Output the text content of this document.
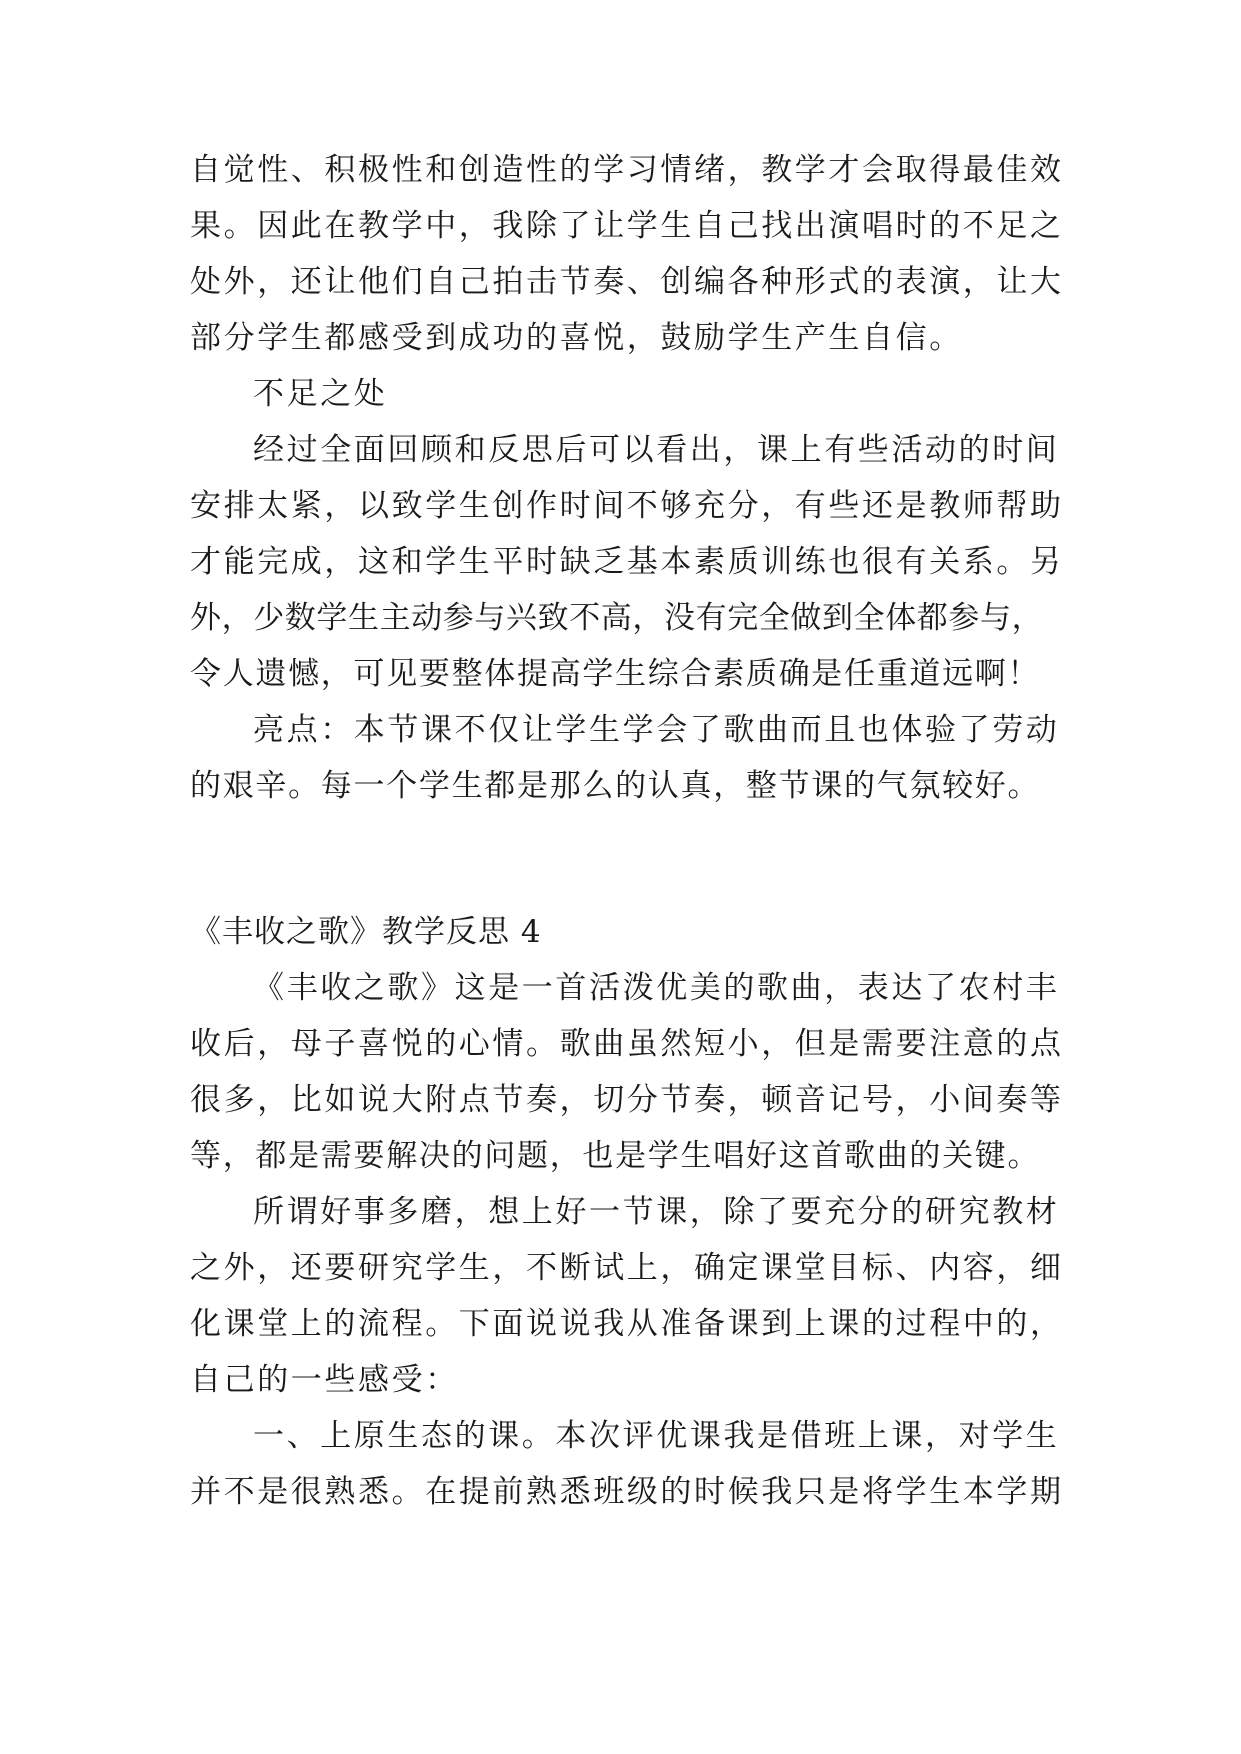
自觉性、积极性和创造性的学习情绪，教学才会取得最佳效
果。因此在教学中，我除了让学生自己找出演唱时的不足之
处外，还让他们自己拍击节奏、创编各种形式的表演，让大
部分学生都感受到成功的喜悦，鼓励学生产生自信。
不足之处
经过全面回顾和反思后可以看出，课上有些活动的时间
安排太紧，以致学生创作时间不够充分，有些还是教师帮助
才能完成，这和学生平时缺乏基本素质训练也很有关系。另
外，少数学生主动参与兴致不高，没有完全做到全体都参与，
令人遗憾，可见要整体提高学生综合素质确是任重道远啊！
亮点：本节课不仅让学生学会了歌曲而且也体验了劳动
的艰辛。每一个学生都是那么的认真，整节课的气氛较好。
《丰收之歌》教学反思 4
《丰收之歌》这是一首活泼优美的歌曲，表达了农村丰
收后，母子喜悦的心情。歌曲虽然短小，但是需要注意的点
很多，比如说大附点节奏，切分节奏，顿音记号，小间奏等
等，都是需要解决的问题，也是学生唱好这首歌曲的关键。
所谓好事多磨，想上好一节课，除了要充分的研究教材
之外，还要研究学生，不断试上，确定课堂目标、内容，细
化课堂上的流程。下面说说我从准备课到上课的过程中的，
自己的一些感受：
一、上原生态的课。本次评优课我是借班上课，对学生
并不是很熟悉。在提前熟悉班级的时候我只是将学生本学期
